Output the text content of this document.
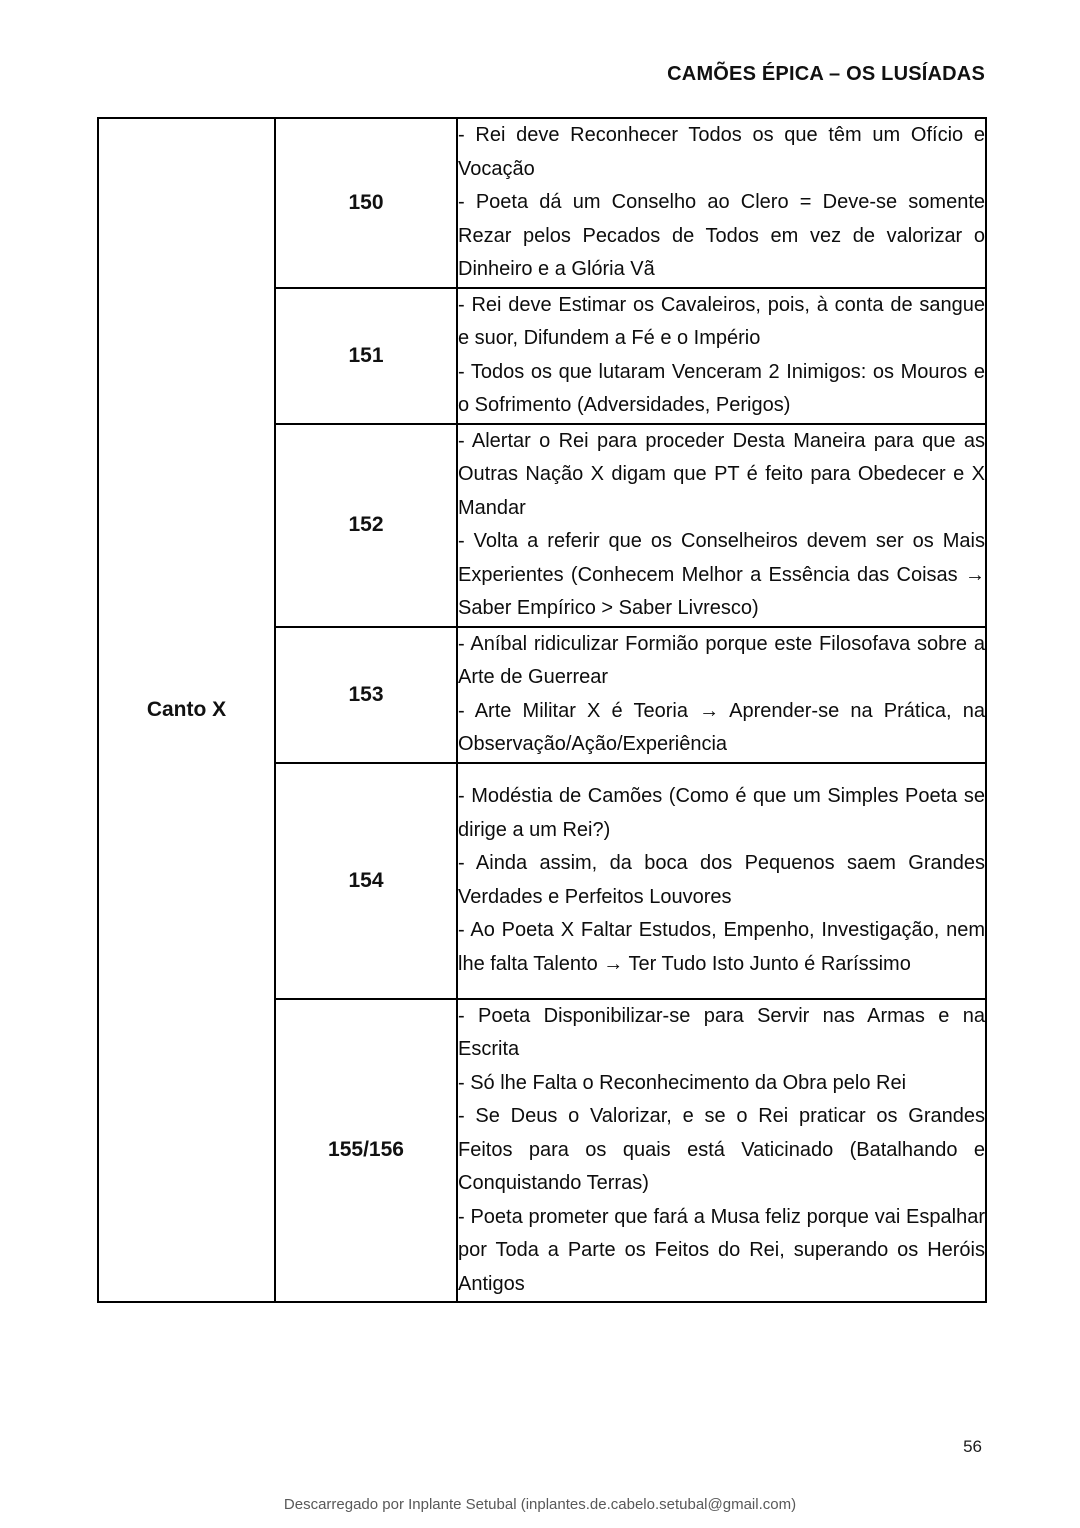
CAMÕES ÉPICA – OS LUSÍADAS
Canto X	150	- Rei deve Reconhecer Todos os que têm um Ofício e Vocação

- Poeta dá um Conselho ao Clero = Deve-se somente Rezar pelos Pecados de Todos em vez de valorizar o Dinheiro e a Glória Vã

	151	- Rei deve Estimar os Cavaleiros, pois, à conta de sangue e suor, Difundem a Fé e o Império

- Todos os que lutaram Venceram 2 Inimigos: os Mouros e o Sofrimento (Adversidades, Perigos)

	152	- Alertar o Rei para proceder Desta Maneira para que as Outras Nação X digam que PT é feito para Obedecer e X Mandar

- Volta a referir que os Conselheiros devem ser os Mais Experientes (Conhecem Melhor a Essência das Coisas → Saber Empírico > Saber Livresco)

	153	- Aníbal ridiculizar Formião porque este Filosofava sobre a Arte de Guerrear

- Arte Militar X é Teoria → Aprender-se na Prática, na Observação/Ação/Experiência

	154	- Modéstia de Camões (Como é que um Simples Poeta se dirige a um Rei?)

- Ainda assim, da boca dos Pequenos saem Grandes Verdades e Perfeitos Louvores

- Ao Poeta X Faltar Estudos, Empenho, Investigação, nem lhe falta Talento → Ter Tudo Isto Junto é Raríssimo

	155/156	- Poeta Disponibilizar-se para Servir nas Armas e na Escrita

- Só lhe Falta o Reconhecimento da Obra pelo Rei

- Se Deus o Valorizar, e se o Rei praticar os Grandes Feitos para os quais está Vaticinado (Batalhando e Conquistando Terras)

- Poeta prometer que fará a Musa feliz porque vai Espalhar por Toda a Parte os Feitos do Rei, superando os Heróis Antigos

56
Descarregado por Inplante Setubal (inplantes.de.cabelo.setubal@gmail.com)
